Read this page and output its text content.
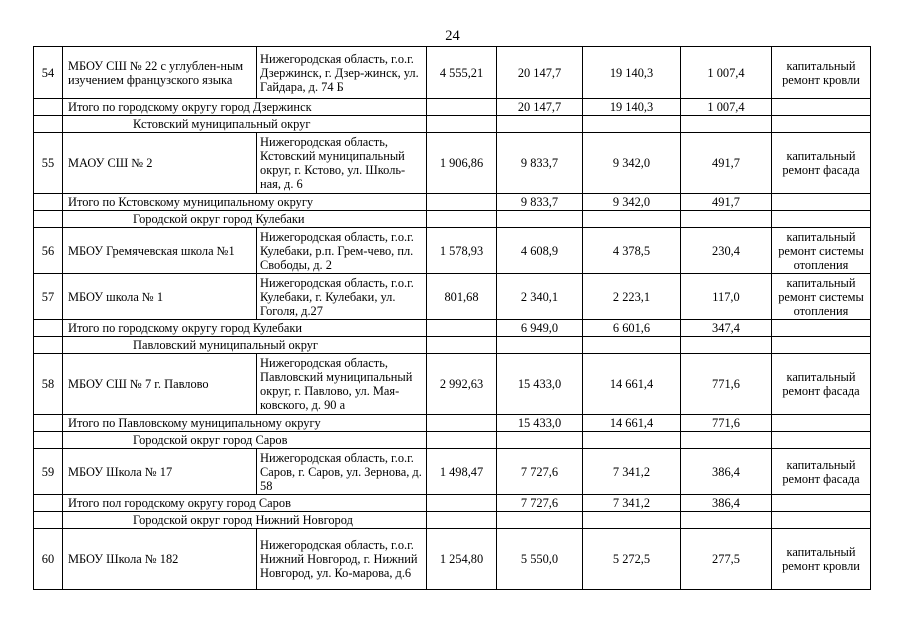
24
54	МБОУ СШ № 22 с углублен-ным изучением французского языка	Нижегородская область, г.о.г. Дзержинск, г. Дзер-жинск, ул. Гайдара, д. 74 Б	4 555,21	20 147,7	19 140,3	1 007,4	капитальный ремонт кровли
	Итого по городскому округу город Дзержинск			20 147,7	19 140,3	1 007,4	
	Кстовский муниципальный округ						
55	МАОУ СШ № 2	Нижегородская область, Кстовский муниципальный округ, г. Кстово, ул. Школь-ная, д. 6	1 906,86	9 833,7	9 342,0	491,7	капитальный ремонт фасада
	Итого по Кстовскому муниципальному округу			9 833,7	9 342,0	491,7	
	Городской округ город Кулебаки						
56	МБОУ Гремячевская школа №1	Нижегородская область, г.о.г. Кулебаки, р.п. Грем-чево, пл. Свободы, д. 2	1 578,93	4 608,9	4 378,5	230,4	капитальный ремонт системы отопления
57	МБОУ школа № 1	Нижегородская область, г.о.г. Кулебаки, г. Кулебаки, ул. Гоголя, д.27	801,68	2 340,1	2 223,1	117,0	капитальный ремонт системы отопления
	Итого по городскому округу город Кулебаки			6 949,0	6 601,6	347,4	
	Павловский муниципальный округ						
58	МБОУ СШ № 7 г. Павлово	Нижегородская область, Павловский муниципальный округ, г. Павлово, ул. Мая-ковского, д. 90 а	2 992,63	15 433,0	14 661,4	771,6	капитальный ремонт фасада
	Итого по Павловскому муниципальному округу			15 433,0	14 661,4	771,6	
	Городской округ город Саров						
59	МБОУ Школа № 17	Нижегородская область, г.о.г. Саров, г. Саров, ул. Зернова, д. 58	1 498,47	7 727,6	7 341,2	386,4	капитальный ремонт фасада
	Итого пол городскому округу город Саров			7 727,6	7 341,2	386,4	
	Городской округ город Нижний Новгород						
60	МБОУ Школа № 182	Нижегородская область, г.о.г. Нижний Новгород, г. Нижний Новгород, ул. Ко-марова, д.6	1 254,80	5 550,0	5 272,5	277,5	капитальный ремонт кровли
